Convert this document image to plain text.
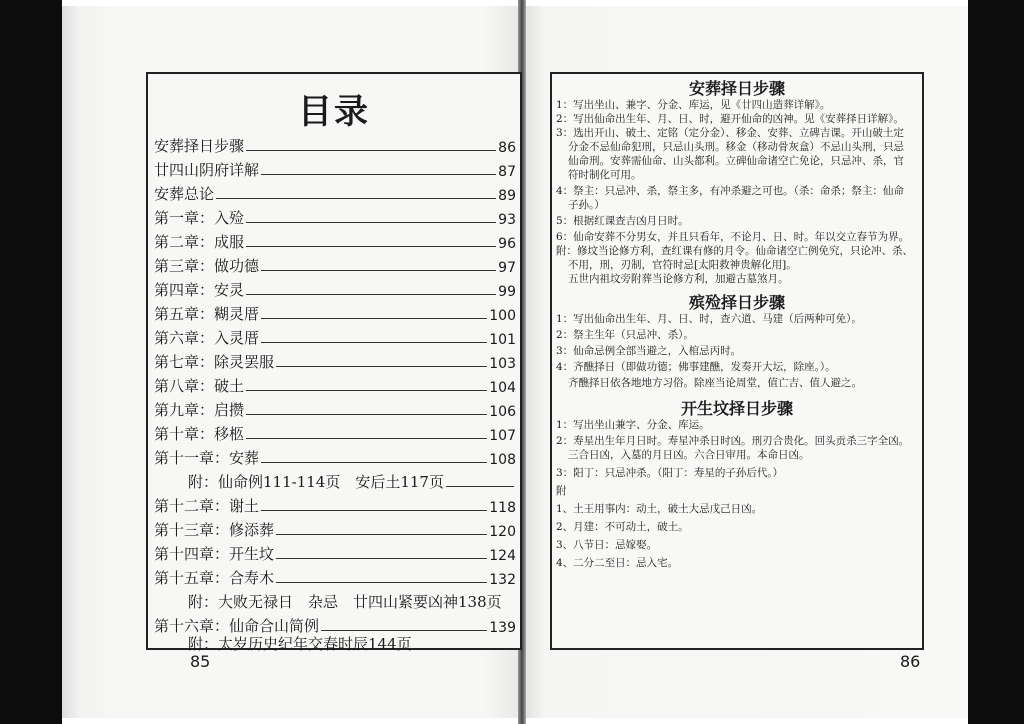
目录
安葬择日步骤	86
廿四山阴府详解	87
安葬总论	89
第一章：入殓	93
第二章：成服	96
第三章：做功德	97
第四章：安灵	99
第五章：糊灵厝	100
第六章：入灵厝	101
第七章：除灵罢服	103
第八章：破土	104
第九章：启攒	106
第十章：移柩	107
第十一章：安葬	108
附：仙命例111-114页　安后土117页
第十二章：谢土	118
第十三章：修添葬	120
第十四章：开生坟	124
第十五章：合寿木	132
附：大败无禄日　杂忌　廿四山紧要凶神138页
第十六章：仙命合山简例	139
附：太岁历史纪年交春时辰144页
85
安葬择日步骤
1：写出坐山、兼字、分金、库运，见《廿四山造葬详解》。
2：写出仙命出生年、月、日、时，避开仙命的凶神。见《安葬择日详解》。
3：选出开山、破土、定铭（定分金）、移金、安葬、立碑吉课。开山破土定
分金不忌仙命犯刑，只忌山头刑。移金（移动骨灰盒）不忌山头刑，只忌
仙命刑。安葬需仙命、山头都利。立碑仙命诸空亡免论，只忌冲、杀，官
符时制化可用。
4：祭主：只忌冲、杀，祭主多，有冲杀避之可也。（杀：命杀；祭主：仙命
子孙。）
5：根据红课查吉凶月日时。
6：仙命安葬不分男女，并且只看年，不论月、日、时。年以交立春节为界。
附：修坟当论修方利，查红课有修的月令。仙命诸空亡例免究，只论冲、杀、
不用，刑，刃制，官符时忌[太阳救神贵解化用]。
五世内祖坟旁附葬当论修方利，加避古墓煞月。
殡殓择日步骤
1：写出仙命出生年、月、日、时，查六道、马建（后两种可免）。
2：祭主生年（只忌冲、杀）。
3：仙命忌例全部当避之，入棺忌丙时。
4：齐醮择日（即做功德；佛事建醮，发奏开大坛，除座。）。
齐醮择日依各地地方习俗。除座当论周堂，值亡吉、值人避之。
开生坟择日步骤
1：写出坐山兼字、分金、库运。
2：寿星出生年月日时。寿星冲杀日时凶。刑刃合贵化。回头贡杀三字全凶。
三合日凶，入墓的月日凶。六合日审用。本命日凶。
3：阳丁：只忌冲杀。（阳丁：寿星的子孙后代。）
附
1、土王用事内：动土，破土大忌戊己日凶。
2、月建：不可动土，破土。
3、八节日：忌嫁娶。
4、二分二至日：忌入宅。
86
